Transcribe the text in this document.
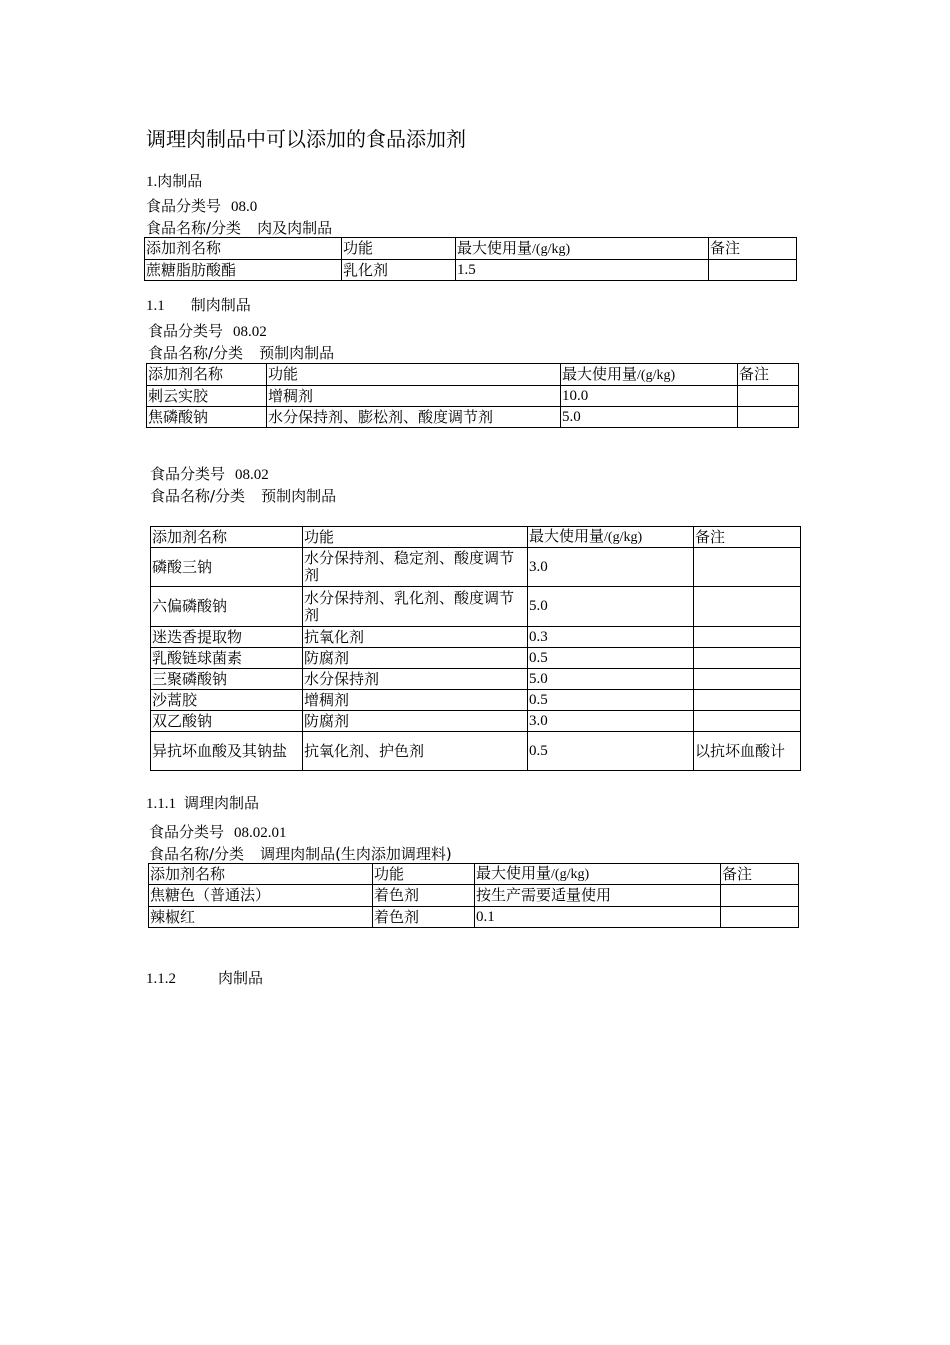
调理肉制品中可以添加的食品添加剂
1.肉制品
食品分类号 08.0
食品名称/分类 肉及肉制品
添加剂名称	功能	最大使用量/(g/kg)	备注
蔗糖脂肪酸酯	乳化剂	1.5	
1.1 制肉制品
食品分类号 08.02
食品名称/分类 预制肉制品
添加剂名称	功能	最大使用量/(g/kg)	备注
刺云实胶	增稠剂	10.0	
焦磷酸钠	水分保持剂、膨松剂、酸度调节剂	5.0	
食品分类号 08.02
食品名称/分类 预制肉制品
添加剂名称	功能	最大使用量/(g/kg)	备注
磷酸三钠	水分保持剂、稳定剂、酸度调节剂	3.0	
六偏磷酸钠	水分保持剂、乳化剂、酸度调节剂	5.0	
迷迭香提取物	抗氧化剂	0.3	
乳酸链球菌素	防腐剂	0.5	
三聚磷酸钠	水分保持剂	5.0	
沙蒿胶	增稠剂	0.5	
双乙酸钠	防腐剂	3.0	
异抗坏血酸及其钠盐	抗氧化剂、护色剂	0.5	以抗坏血酸计
1.1.1 调理肉制品
食品分类号 08.02.01
食品名称/分类 调理肉制品(生肉添加调理料)
添加剂名称	功能	最大使用量/(g/kg)	备注
焦糖色（普通法）	着色剂	按生产需要适量使用	
辣椒红	着色剂	0.1	
1.1.2	肉制品
